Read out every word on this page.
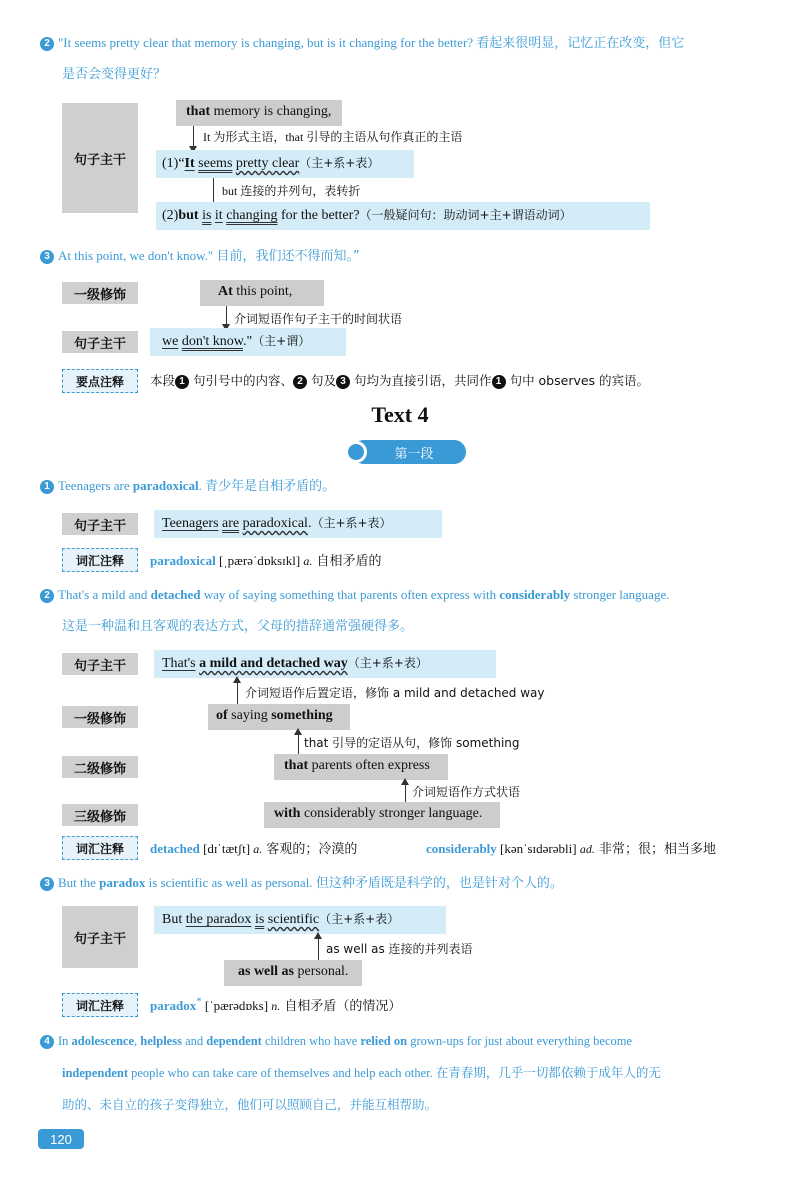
2 "It seems pretty clear that memory is changing, but is it changing for the better? 看起来很明显，记忆正在改变，但它
是否会变得更好？
句子主干
that memory is changing,
It 为形式主语，that 引导的主语从句作真正的主语
(1)“It seems pretty clear（主+系+表）
but 连接的并列句，表转折
(2)but is it changing for the better?（一般疑问句：助动词+主+谓语动词）
3 At this point, we don't know." 目前，我们还不得而知。”
一级修饰	At this point,
介词短语作句子主干的时间状语
句子主干	we don't know."（主+谓）
要点注释	本段 1 句引号中的内容、 2 句及 3 句均为直接引语，共同作 1 句中 observes 的宾语。
Text 4
第一段
1 Teenagers are paradoxical. 青少年是自相矛盾的。
句子主干	Teenagers are paradoxical.（主+系+表）
词汇注释	paradoxical [ˌpærəˈdɒksɪkl] a. 自相矛盾的
2 That's a mild and detached way of saying something that parents often express with considerably stronger language.
这是一种温和且客观的表达方式，父母的措辞通常强硬得多。
句子主干	That's a mild and detached way（主+系+表）
介词短语作后置定语，修饰 a mild and detached way
一级修饰	of saying something
that 引导的定语从句，修饰 something
二级修饰	that parents often express
介词短语作方式状语
三级修饰	with considerably stronger language.
词汇注释	detached [dɪˈtætʃt] a. 客观的；冷漠的	considerably [kənˈsɪdərəbli] ad. 非常；很；相当多地
3 But the paradox is scientific as well as personal. 但这种矛盾既是科学的，也是针对个人的。
句子主干
But the paradox is scientific（主+系+表）
as well as 连接的并列表语
as well as personal.
词汇注释	paradox* [ˈpærədɒks] n. 自相矛盾（的情况）
4 In adolescence, helpless and dependent children who have relied on grown-ups for just about everything become
independent people who can take care of themselves and help each other. 在青春期，几乎一切都依赖于成年人的无
助的、未自立的孩子变得独立，他们可以照顾自己，并能互相帮助。
120
